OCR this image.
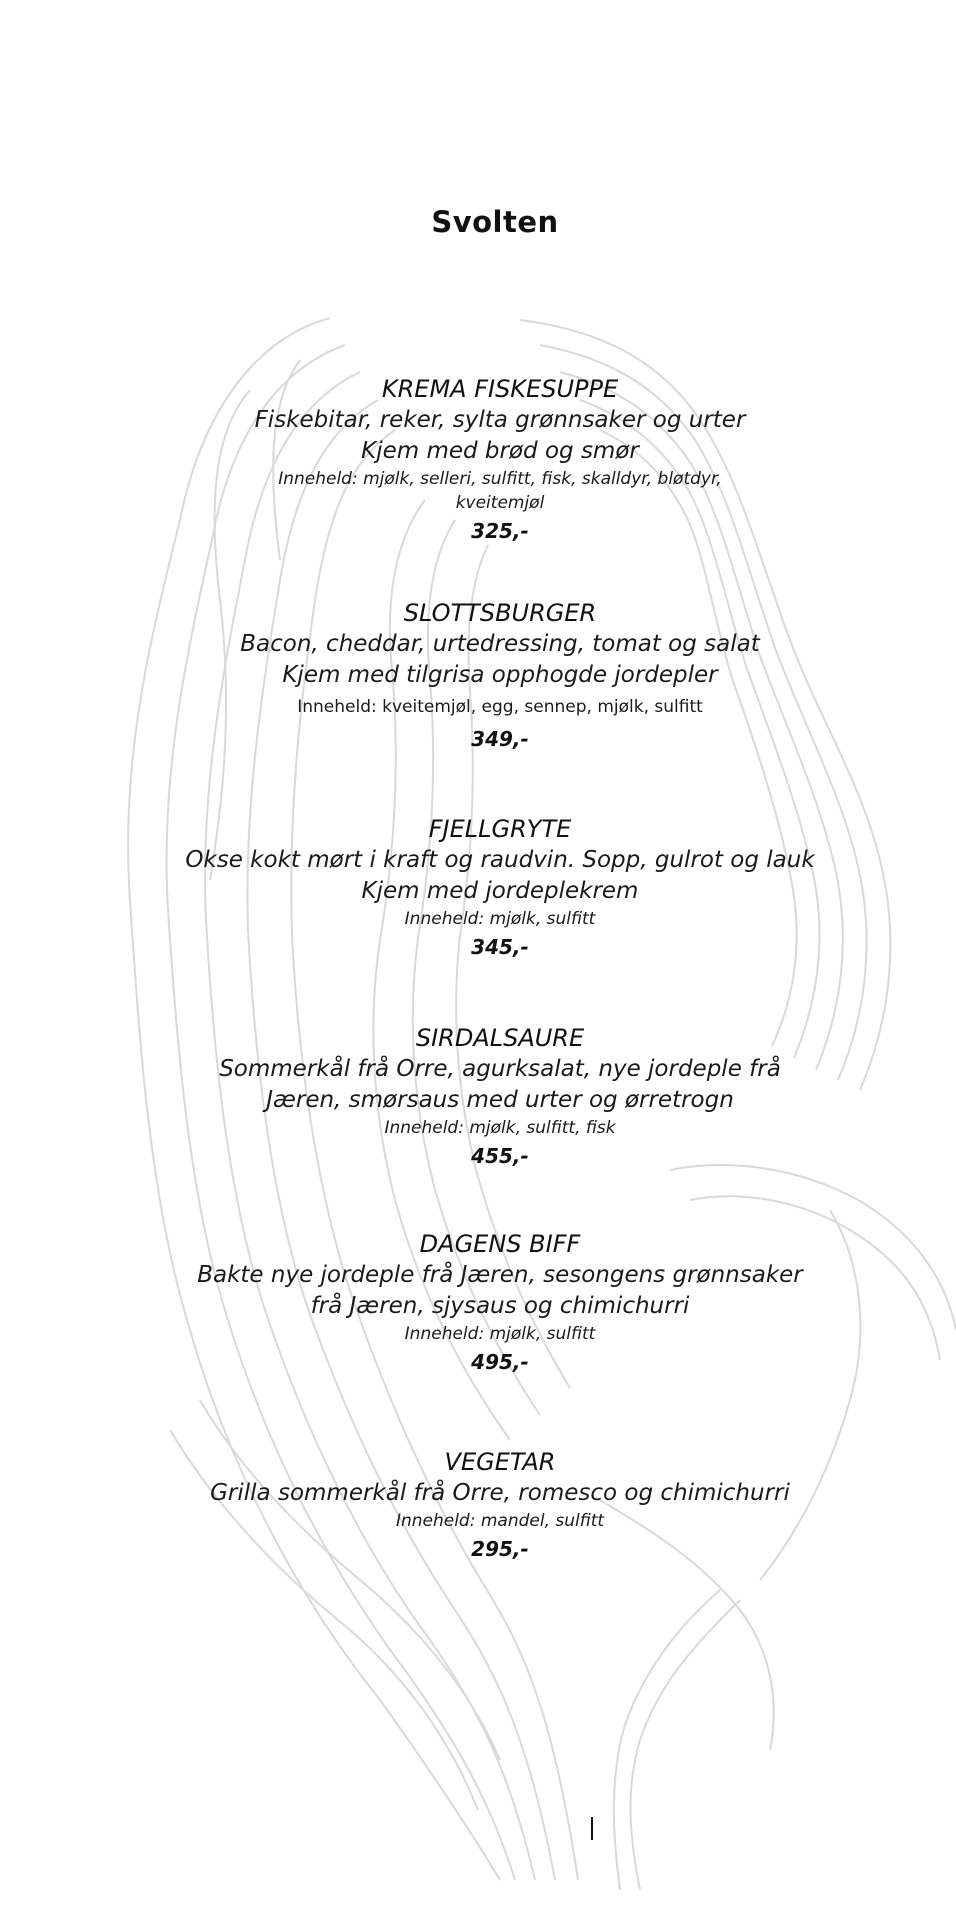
Svolten
KREMA FISKESUPPE
Fiskebitar, reker, sylta grønnsaker og urter
Kjem med brød og smør
Inneheld: mjølk, selleri, sulfitt, fisk, skalldyr, bløtdyr,
kveitemjøl
325,-
SLOTTSBURGER
Bacon, cheddar, urtedressing, tomat og salat
Kjem med tilgrisa opphogde jordepler
Inneheld: kveitemjøl, egg, sennep, mjølk, sulfitt
349,-
FJELLGRYTE
Okse kokt mørt i kraft og raudvin. Sopp, gulrot og lauk
Kjem med jordeplekrem
Inneheld: mjølk, sulfitt
345,-
SIRDALSAURE
Sommerkål frå Orre, agurksalat, nye jordeple frå
Jæren, smørsaus med urter og ørretrogn
Inneheld: mjølk, sulfitt, fisk
455,-
DAGENS BIFF
Bakte nye jordeple frå Jæren, sesongens grønnsaker
frå Jæren, sjysaus og chimichurri
Inneheld: mjølk, sulfitt
495,-
VEGETAR
Grilla sommerkål frå Orre, romesco og chimichurri
Inneheld: mandel, sulfitt
295,-
